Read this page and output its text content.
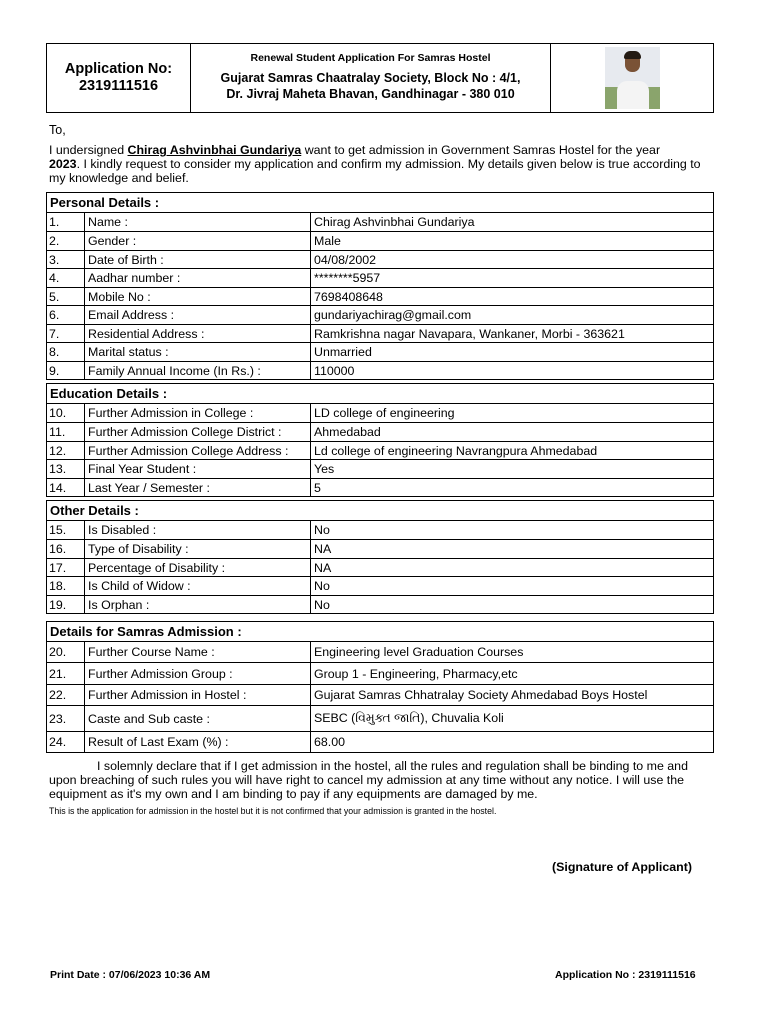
Application No:
2319111516
Renewal Student Application For Samras Hostel
Gujarat Samras Chaatralay Society, Block No : 4/1,
Dr. Jivraj Maheta Bhavan, Gandhinagar - 380 010
To,
I undersigned Chirag Ashvinbhai Gundariya want to get admission in Government Samras Hostel for the year
2023. I kindly request to consider my application and confirm my admission. My details given below is true according to my knowledge and belief.
Personal Details :
1.	Name :	Chirag Ashvinbhai Gundariya
2.	Gender :	Male
3.	Date of Birth :	04/08/2002
4.	Aadhar number :	********5957
5.	Mobile No :	7698408648
6.	Email Address :	gundariyachirag@gmail.com
7.	Residential Address :	Ramkrishna nagar Navapara, Wankaner, Morbi - 363621
8.	Marital status :	Unmarried
9.	Family Annual Income (In Rs.) :	110000
Education Details :
10.	Further Admission in College :	LD college of engineering
11.	Further Admission College District :	Ahmedabad
12.	Further Admission College Address :	Ld college of engineering Navrangpura Ahmedabad
13.	Final Year Student :	Yes
14.	Last Year / Semester :	5
Other Details :
15.	Is Disabled :	No
16.	Type of Disability :	NA
17.	Percentage of Disability :	NA
18.	Is Child of Widow :	No
19.	Is Orphan :	No
Details for Samras Admission :
20.	Further Course Name :	Engineering level Graduation Courses
21.	Further Admission Group :	Group 1 - Engineering, Pharmacy,etc
22.	Further Admission in Hostel :	Gujarat Samras Chhatralay Society Ahmedabad Boys Hostel
23.	Caste and Sub caste :	SEBC (વિમુક્ત જાતિ), Chuvalia Koli
24.	Result of Last Exam (%) :	68.00
I solemnly declare that if I get admission in the hostel, all the rules and regulation shall be binding to me and upon breaching of such rules you will have right to cancel my admission at any time without any notice. I will use the equipment as it's my own and I am binding to pay if any equipments are damaged by me.
This is the application for admission in the hostel but it is not confirmed that your admission is granted in the hostel.
(Signature of Applicant)
Print Date : 07/06/2023 10:36 AM	Application No : 2319111516
